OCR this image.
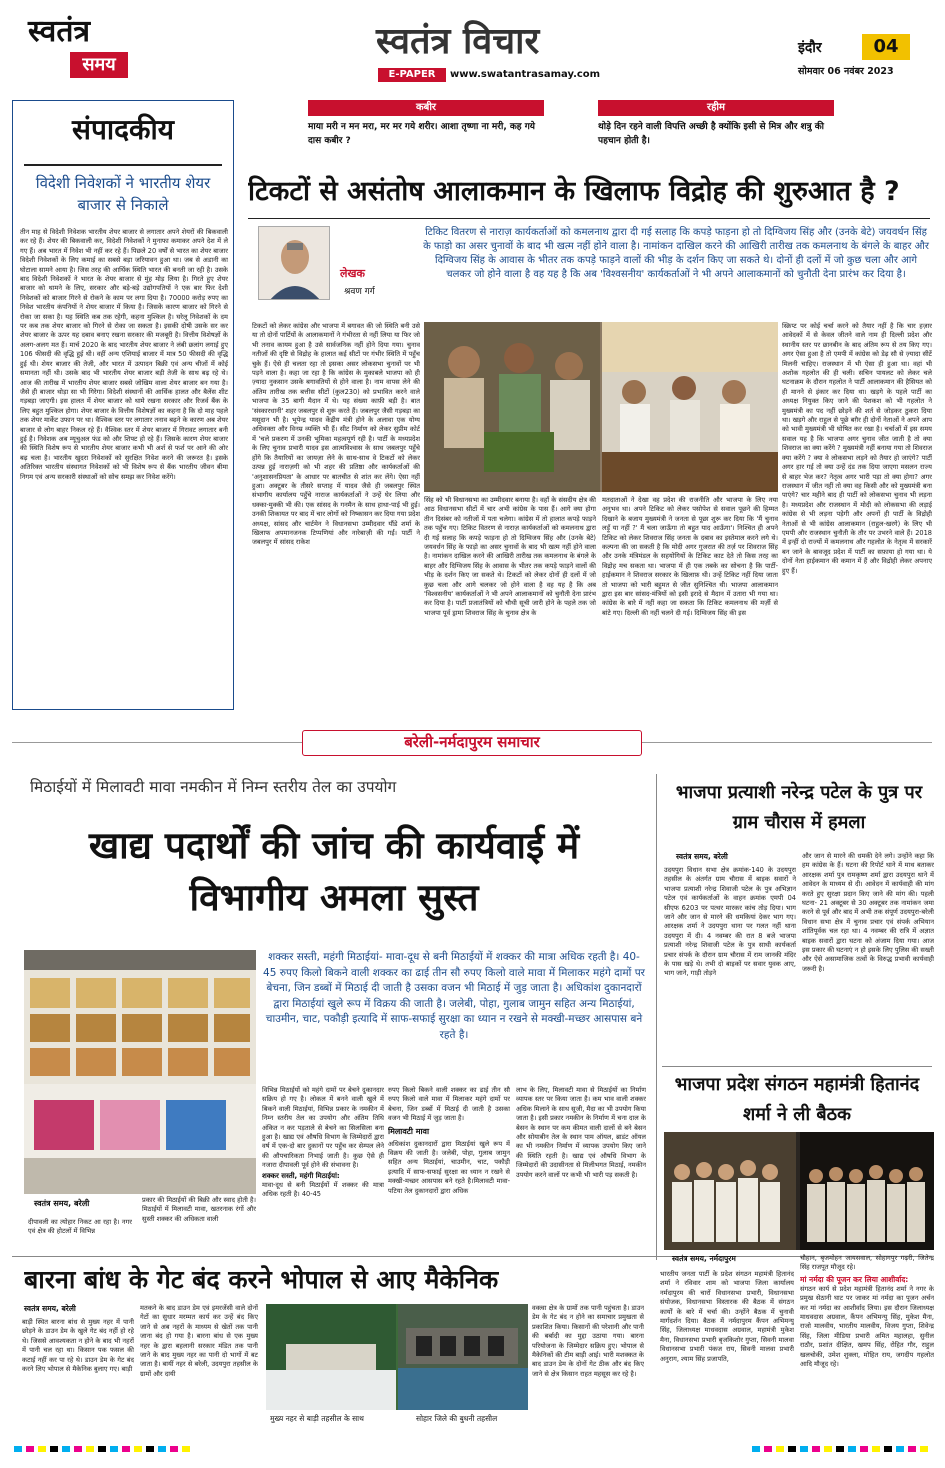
स्वतंत्र
समय
स्वतंत्र विचार
E-PAPER	www.swatantrasamay.com
इंदौर	04
सोमवार 06 नवंबर 2023
कबीर
माया मरी न मन मरा, मर मर गये शरीर। आशा तृष्णा ना मरी, कह गये दास कबीर ?
रहीम
थोड़े दिन रहने वाली विपत्ति अच्छी है क्योंकि इसी से मित्र और शत्रु की पहचान होती है।
संपादकीय
विदेशी निवेशकों ने भारतीय शेयर बाजार से निकाले
तीन माह से विदेशी निवेशक भारतीय शेयर बाजार से लगातार अपने शेयरों की बिकवाली कर रहे हैं। शेयर की बिकवाली कर, विदेशी निवेशकों ने मुनाफा कमाकर अपने देश में ले गए हैं। अब भारत में निवेश भी नहीं कर रहे हैं। पिछले 20 वर्षों से भारत का शेयर बाजार विदेशी निवेशकों के लिए कमाई का सबसे बड़ा जरियावन हुआ था। जब से अडानी का घोटाला सामने आया है। जिस तरह की आर्थिक स्थिति भारत की बनती जा रही है। उसके बाद विदेशी निवेशकों ने भारत के शेयर बाजार से मुंह मोड़ लिया है। गिरते हुए शेयर बाजार को थामने के लिए, सरकार और बड़े-बड़े उद्योगपतियों ने एक बार फिर देशी निवेशकों को बाजार गिरने से रोकने के काम पर लगा दिया है। 70000 करोड़ रुपए का निवेश भारतीय कंपनियों ने शेयर बाजार में किया है। जिसके कारण बाजार को गिरने से रोका जा सका है। यह स्थिति कब तक रहेगी, कहना मुश्किल है। घरेलू निवेशकों के दम पर कब तक शेयर बाजार को गिरने से रोका जा सकता है। इसकी दोषी उसके सर कर शेयर बाजार के ऊपर यह दबाव बनाए रखना सरकार की मजबूरी है। वित्तीय विशेषज्ञों के अलग-अलग मत हैं। मार्च 2020 के बाद भारतीय शेयर बाजार ने लंबी छलांग लगाई हुए 106 फीसदी की वृद्धि हुई थी। वहीं अन्य एशियाई बाजार में मात्र 50 फीसदी की वृद्धि हुई थी। शेयर बाजार की तेजी, और भारत में उत्पादन बिक्री एवं अन्य चीजों में कोई समानता नहीं थी। उसके बाद भी भारतीय शेयर बाजार बड़ी तेजी के साथ बढ़ रहे थे। आज की तारीख में भारतीय शेयर बाजार सबसे जोखिम वाला शेयर बाजार बन गया है। जैसे ही बाजार थोड़ा सा भी गिरेगा। विदेशी संस्थानों की आर्थिक हालत और बैलेंस शीट गड़बड़ा जाएगी। इस हालत में शेयर बाजार को थामे रखना सरकार और रिजर्व बैंक के लिए बहुत मुश्किल होगा। शेयर बाजार के वित्तीय विशेषज्ञों का कहना है कि दो माह पहले तक शेयर मार्केट उफान पर था। वैश्विक स्तर पर लगातार तनाव बढ़ने के कारण अब शेयर बाजार से लोग बाहर निकल रहे हैं। वैश्विक स्तर में शेयर बाजार में गिरावट लगातार बनी हुई है। निवेशक अब म्यूचुअल फंड को और शिफ्ट हो रहे हैं। जिसके कारण शेयर बाजार की स्थिति विशेष रूप से भारतीय शेयर बाजार कभी भी अर्श से फर्श पर आने की ओर बढ़ चला है। भारतीय खुदरा निवेशकों को सुरक्षित निवेश करने की जरूरत है। इसके अतिरिक्त भारतीय संस्थागत निवेशकों को भी विशेष रूप से बैंक भारतीय जीवन बीमा निगम एवं अन्य सरकारी संस्थाओं को सोच समझ कर निवेश करेंगे।
टिकटों से असंतोष आलाकमान के खिलाफ विद्रोह की शुरुआत है ?
लेखक
श्रवण गर्ग
टिकिट वितरण से नाराज़ कार्यकर्ताओं को कमलनाथ द्वारा दी गई सलाह कि कपड़े फाड़ना हो तो दिग्विजय सिंह और (उनके बेटे) जयवर्धन सिंह के फाड़ो का असर चुनावों के बाद भी खत्म नहीं होने वाला है। नामांकन दाखिल करने की आखिरी तारीख तक कमलनाथ के बंगले के बाहर और दिग्विजय सिंह के आवास के भीतर तक कपड़े फाड़ने वालों की भीड़ के दर्शन किए जा सकते थे। दोनों ही दलों में जो कुछ चला और आगे चलकर जो होने वाला है वह यह है कि अब 'विश्वसनीय' कार्यकर्ताओं ने भी अपने आलाकमानों को चुनौती देना प्रारंभ कर दिया है।
टिकटों को लेकर कांग्रेस और भाजपा में बगावत की जो स्थिति बनी उसे या तो दोनों पार्टियों के आलाकमानों ने गंभीरता से नहीं लिया या फिर जो भी तनाव कायम हुआ है उसे सार्वजनिक नहीं होने दिया गया। चुनाव नतीजों की दृष्टि से विद्रोह के हालात कई सीटों पर गंभीर स्थिति में पहुँच चुके हैं। ऐसे ही चलता रहा तो इसका असर लोकसभा चुनावों पर भी पड़ने वाला है। कहा जा रहा है कि कांग्रेस के मुकाबले भाजपा को ही ज़्यादा नुकसान उसके बगावतियों से होने वाला है। नाम वापस लेने की अंतिम तारीख तक बत्तीस सीटों (कुल230) को प्रभावित करने वाले भाजपा के 35 बागी मैदान में थे। यह संख्या काफ़ी बड़ी है। बात 'संस्कारधानी' शहर जबलपुर से शुरू करते हैं। जबलपुर जैसी गड़बड़ा का मसूदान भी है। भूपेन्द्र यादव केंद्रीय मंत्री होने के अलावा एक योग्य अधिवक्ता और विनम्र व्यक्ति भी हैं। सीट निर्माण को लेकर सुप्रीम कोर्ट में 'चले प्रकरण में उनकी भूमिका महत्वपूर्ण रही है। पार्टी के मध्यप्रदेश के लिए चुनाव प्रभारी यादव इस आत्मविश्वास के साथ जबलपुर पहुँचे होंगे कि तैयारियों का जायज़ा लेने के साथ-साथ वे टिकटों को लेकर उत्पन्न हुई नाराज़गी को भी शहर की प्रतिष्ठा और कार्यकर्ताओं की 'अनुशासनप्रियता' के आधार पर बातचीत से शांत कर लेंगे। ऐसा नहीं हुआ। अक्टूबर के तीसरे सप्ताह में यादव जैसे ही जबलपुर स्थित संभागीय कार्यालय पहुँचे नाराज कार्यकर्ताओं ने उन्हें घेर लिया और धक्का-मुक्की भी की। एक सांसद के गनमैन के साथ हाथा-पाई भी हुई। उनकी शिकायत पर बाद में चार लोगों को निष्कासन कर दिया गया प्रदेश अध्यक्ष, सांसद और चार्टमेन ने विधानसभा उम्मीदवार यौंडे शर्मा के खिलाफ अपमानजनक टिप्पणियां और नारेबाज़ी की गईं। पार्टी ने जबलपुर में सांसद राकेश
सिंह को भी विधानसभा का उम्मीदवार बनाया है। वहाँ के संसदीय क्षेत्र की आठ विधानसभा सीटों में चार अभी कांग्रेस के पास हैं। आगे क्या होगा तीन दिसंबर को नतीजों में पता चलेगा। कांग्रेस में तो हालात कपड़े फाड़ने तक पहुँच गए। टिकिट वितरण से नाराज़ कार्यकर्ताओं को कमलनाथ द्वारा दी गई सलाह कि कपड़े फाड़ना हो तो दिग्विजय सिंह और (उनके बेटे) जयवर्धन सिंह के फाड़ो का असर चुनावों के बाद भी खत्म नहीं होने वाला है। नामांकन दाखिल करने की आखिरी तारीख तक कमलनाथ के बंगले के बाहर और दिग्विजय सिंह के आवास के भीतर तक कपड़े फाड़ने वालों की भीड़ के दर्शन किए जा सकते थे। टिकटों को लेकर दोनों ही दलों में जो कुछ चला और आगे चलकर जो होने वाला है वह यह है कि अब 'विश्वसनीय' कार्यकर्ताओं ने भी अपने आलाकमानों को चुनौती देना प्रारंभ कर दिया है। पार्टी प्रजातंत्रियों को चौथी सूची जारी होने के पहले तक जो भाजपा पूर्व ड्रामा शिवराज सिंह के चुनाव क्षेत्र के
मतदाताओं ने देखा वह प्रदेश की राजनीति और भाजपा के लिए नया अनुभव था। अपने टिकिट को लेकर पसोपेश से सवाल पूछने की हिम्मत दिखाने के बजाय मुख्यमंत्री ने जनता से पूछा शुरू कर दिया कि 'मैं चुनाव लड़ूँ या नहीं ?' मैं चला जाऊँगा तो बहुत याद आऊँगा'। निश्चित ही अपने टिकिट को लेकर शिवराज सिंह जनता के दबाव का इस्तेमाल करने लगे थे। कल्पना की जा सकती है कि मोदी अगर गुजरात की तर्ज़ पर शिवराज सिंह और उनके मंत्रिमंडल के सहयोगियों के टिकिट काट देते तो किस तरह का विद्रोह मच सकता था। भाजपा में ही एक तबके का सोचना है कि पार्टी-हाईकमान ने शिवराज सरकार के खिलाफ़ थी। उन्हें टिकिट नहीं दिया जाता तो भाजपा को भारी बहुमत से जीत सुनिश्चित थी। भाजपा आलाकमान द्वारा इस बार सांसद-मंत्रियों को इसी इरादे से मैदान में उतारा भी गया था। कांग्रेस के बारे में नहीं कहा जा सकता कि टिकिट कमलनाथ की मर्ज़ी से बांटे गए। दिल्ली की नहीं चलने दी गई। दिग्विजय सिंह की इस
स्क्रिप्ट पर कोई चर्चा करने को तैयार नहीं है कि चार हज़ार आवेदकों में से केवल जीतने वाले नाम ही दिल्ली प्रदेश और स्थानीय स्तर पर छानबीन के बाद अंतिम रूप से तय किए गए। अगर ऐसा हुआ है तो एमपी में कांग्रेस को डेढ़ सौ से ज़्यादा सीटें मिलनी चाहिए। राजस्थान में भी ऐसा ही हुआ था। वहां भी अशोक गहलोत की ही चली। सचिन पायलट को लेकर चले घटनाक्रम के दौरान गहलोत ने पार्टी आलाकमान की हैसियत को ही मानने से इंकार कर दिया था। खड़गे के पहले पार्टी का अध्यक्ष नियुक्त किए जाने की पेशकश को भी गहलोत ने मुख्यमंत्री का पद नहीं छोड़ने की शर्त से जोड़कर ठुकरा दिया था। खड़गे और राहुल से पूछे बग़ैर ही दोनों नेताओं ने अपने आप को भावी मुख्यमंत्री भी घोषित कर रखा है। चर्चाओं में इस समय सवाल यह है कि भाजपा अगर चुनाव जीत जाती है तो क्या शिवराज का क्या करेंगे ? मुख्यमंत्री नहीं बनाया गया तो शिवराज क्या करेंगे ? क्या वे लोकसभा लड़ने को तैयार हो जाएंगे? पार्टी अगर हार गई तो क्या उन्हें दंड तक दिया जाएगा मसलन राज्य से बाहर भेज कर? नेतृत्व अगर भारी पड़ा तो क्या होगा? अगर राजस्थान में जीत नहीं तो क्या वह किसी और को मुख्यमंत्री बना पाएंगे? चार महीने बाद ही पार्टी को लोकसभा चुनाव भी लड़ना है। मध्यप्रदेश और राजस्थान में मोदी को लोकसभा की लड़ाई कांग्रेस से भी लड़ना पड़ेगी और अपनों ही पार्टी के विद्रोही नेताओं से भी कांग्रेस आलाकमान (राहुल-खरगे) के लिए भी एमपी और राजस्थान चुनौती के तौर पर उभरने वाले हैं। 2018 में इन्हीं दो राज्यों में कमलनाथ और गहलोत के नेतृत्व में सरकारें बन जाने के बावजूद प्रदेश में पार्टी का सफ़ाया हो गया था। ये दोनों नेता हाईकमान की कमान में हैं और विद्रोही लेकर अपनाए हुए हैं।
बरेली-नर्मदापुरम समाचार
मिठाईयों में मिलावटी मावा नमकीन में निम्न स्तरीय तेल का उपयोग
खाद्य पदार्थों की जांच की कार्यवाई में विभागीय अमला सुस्त
स्वतंत्र समय, बरेली
दीपावली का त्योहार निकट आ रहा है। नगर एवं क्षेत्र की होटलों में विभिन्न
प्रकार की मिठाईयों की बिक्री और स्वाद होती है। मिठाईयों में मिलावटी मावा, खतरनाक रंगों और सुस्ती शक्कर की अधिकता वाली
शक्कर सस्ती, महंगी मिठाईयां- मावा-दूध से बनी मिठाईयों में शक्कर की मात्रा अधिक रहती है। 40-45 रुपए किलो बिकने वाली शक्कर का ढाई तीन सौ रुपए किलो वाले मावा में मिलाकर महंगे दामों पर बेचना, जिन डब्बों में मिठाई दी जाती है उसका वजन भी मिठाई में जुड़ जाता है। अधिकांश दुकानदारों द्वारा मिठाईयां खुले रूप में विक्रय की जाती है। जलेबी, पोहा, गुलाब जामुन सहित अन्य मिठाईयां, चाउमीन, चाट, पकौड़ी इत्यादि में साफ-सफाई सुरक्षा का ध्यान न रखने से मक्खी-मच्छर आसपास बने रहते है।
विभिन्न मिठाईयों को महंगे दामों पर बेचने दुकानदार सक्रिय हो गए है। लोकल में बनने वाली खुले में बिकने वाली मिठाईयां, विभिन्न प्रकार के नमकीन में निम्न स्तरीय तेल का उपयोग और अंतिम तिथि अंकित न कर पड़ताले से बेचने का सिलसिला बना हुआ है। खाद्य एवं औषधि विभाग के जिम्मेदारों द्वारा वर्ष में एक-दो बार दुकानों पर पहुँच कर सेम्पल लेने की औपचारिकता निभाई जाती है। कुछ ऐसे ही नजारा दीपावली पूर्व होने की संभावना है।
शक्कर सस्ती, महंगी मिठाईयां:
मावा-दूध से बनी मिठाईयों में शक्कर की मात्रा अधिक रहती है। 40-45
रुपए किलो बिकने वाली शक्कर का ढाई तीन सौ रुपए किलो वाले मावा में मिलाकर महंगे दामों पर बेचना, जिन डब्बों में मिठाई दी जाती है उसका वजन भी मिठाई में जुड़ जाता है।
मिलावटी मावा
अधिकांश दुकानदारों द्वारा मिठाईयां खुले रूप में विक्रय की जाती है। जलेबी, पोहा, गुलाब जामुन सहित अन्य मिठाईयां, चाउमीन, चाट, पकौड़ी इत्यादि में साफ-सफाई सुरक्षा का ध्यान न रखने से मक्खी-मच्छर आसपास बने रहते है।मिलावटी मावा-पटिया तेल दुकानदारों द्वारा अधिक
लाभ के लिए, मिलावटी मावा से मिठाईयों का निर्माण व्यापक स्तर पर किया जाता है। कम भाव वाली शक्कर अधिक मिलाने के साथ सूजी, मैदा का भी उपयोग किया जाता है। इसी प्रकार नमकीन के निर्माण में चना दाल के बेसन के स्थान पर कम कीमत वाली दालों से बने बेसन और सोयाबीन तेल के स्थान पाम ऑयल, ब्राडंट ऑयल का भी नमकीन निर्माण में व्यापक उपयोग किए जाने की स्थिति रहती है। खाद्य एवं औषधि विभाग के जिम्मेदारों की उदासीनता से मिलीभगत मिठाई, नमकीन उपयोग करने वालों पर कभी भी भारी पड़ सकती है।
भाजपा प्रत्याशी नरेन्द्र पटेल के पुत्र पर ग्राम चौरास में हमला
स्वतंत्र समय, बरेली
उदयपुरा विधान सभा क्षेत्र क्रमांक-140 के उदयपुरा तहसील के अंतर्गत ग्राम चौरास में बाइक सवारों ने भाजपा प्रत्याशी नरेन्द्र शिवाजी पटेल के पुत्र अभिज्ञान पटेल एवं कार्यकर्ताओं के वाहन क्रमांक एमपी 04 सीएफ 6203 पर पत्थर मारकर कांच तोड़ दिया। भाग जाने और जान से मारने की धमकियां देकर भाग गए। आरक्षक शर्मा ने उदयपुरा थाना पर गलत नहीं थाना उदयपुरा में दी। 4 नवम्बर की रात 8 बजे भाजपा प्रत्याशी नरेन्द्र शिवाजी पटेल के पुत्र साथी कार्यकर्ता प्रचार संपर्क के दौरान ग्राम चौरास में राम जानकी मंदिर के पास खड़े थे। तभी दो बाइकों पर सवार युवक आए, भाग जाने, गाड़ी तोड़ने
और जान से मारने की धमकी देने लगे। उन्होंने कहा कि हम कांग्रेस के हैं। घटना की रिपोर्ट थाने में माथ बताकर आरक्षक शर्मा पुत्र रामकृष्ण शर्मा द्वारा उदयपुरा थाने में आवेदन के माध्यम से दी। आवेदन में कार्यवाही की मांग करते हुए सुरक्षा प्रदान किए जाने की मांग की। पहली घटना- 21 अक्टूबर से 30 अक्टूबर तक नामांकन जमा करने से पूर्व और बाद में अभी तक संपूर्ण उदयपुरा-बरेली विधान सभा क्षेत्र में चुनाव प्रचार एवं संपर्क अभियान शांतिपूर्वक चल रहा था। 4 नवम्बर की रात्रि में अज्ञात बाइक सवारों द्वारा घटना को अंजाम दिया गया। आज इस प्रकार की घटनाएं न हो इसके लिए पुलिस की सख्ती और ऐसे असामाजिक तत्वों के विरुद्ध प्रभावी कार्यवाही जरूरी है।
भाजपा प्रदेश संगठन महामंत्री हितानंद शर्मा ने ली बैठक
बारना बांध के गेट बंद करने भोपाल से आए मैकेनिक
स्वतंत्र समय, बरेली
बाड़ी स्थित बारना बांध से मुख्य नहर में पानी छोड़ने के डाउन डेम के खुले गेट बंद नहीं हो रहे थे। जिससे आवश्यकता न होने के बाद भी नहरों में पानी चल रहा था। किसान पक फसल की कटाई नहीं कर पा रहे थे। डाउन डेम के गेट बंद करने लिए भोपाल से मैकेनिक बुलाए गए। बाड़ी
मतकने के बाद डाउन डेम एवं इमरजेंसी वाले दोनों गेटों का सुधार मरम्मत कार्य कर उन्हें बंद किए जाने से अब नहरों के माध्यम से खेतों तक पानी जाना बंद हो गया है। बारना बांध से एक मुख्य नहर के द्वारा बहलानी सरकार मंडित तक पानी जाने के बाद मुख्य नहर का पानी दो भागों में बट जाता है। बायीं नहर से बरेली, उदयपुरा तहसील के ग्रामों और दायी
मुख्य नहर से बाड़ी तहसील के साथ	सोहार जिले की बुधनी तहसील
वक्त्वा क्षेत्र के ग्रामों तक पानी पहुंचता है। डाउन डेम के गेट बंद न होने का समाचार प्रमुखता से प्रकाशित किया। किसानों की परेशानी और पानी की बर्बादी का मुद्दा उठाया गया। बारना परियोजना के जिम्मेदार सक्रिय हुए। भोपाल से मैकेनिकों की टीम बाड़ी आई। भारी मशक्कत के बाद डाउन डेम के दोनों गेट ठीक और बंद किए जाने से क्षेत्र किसान राहत महसूस कर रहे है।
स्वतंत्र समय, नर्मदापुरम
भारतीय जनता पार्टी के प्रदेश संगठन महामंत्री हितानंद शर्मा ने रविवार शाम को भाजपा जिला कार्यालय नर्मदापुरम की चारों विधानसभा प्रभारी, विधानसभा संयोजक, विधानसभा विस्तारक की बैठक में संगठन कार्यों के बारे में चर्चा की। उन्होंने बैठक में चुनावी मार्गदर्शन दिया। बैठक में नर्मदापुरम कैंपन अभिमन्यु सिंह, जिलाध्यक्ष माधवदास अग्रवाल, महामंत्री मुकेश मैना, विधानसभा प्रभारी बृजकिशोर गुप्ता, सिवनी मालवा विधानसभा प्रभारी पंकज राय, सिवनी मालवा प्रभारी अनुराग, श्याम सिंह प्रजापति,
चौहान, बृजमोहन जायसवाल, सोहागपुर गढ़री, जितेन्द्र सिंह राजपूत मौजूद रहे।
मां नर्मदा की पूजन कर लिया आशीर्वाद:
संगठन कार्य से प्रदेश महामंत्री हितानंद शर्मा ने नगर के प्रमुख सेठानी घाट पर जाकर मां नर्मदा का पूजन अर्चन कर मां नर्मदा का आशीर्वाद लिया। इस दौरान जिलाध्यक्ष माधवदास अग्रवाल, कैंपन अभिमन्यु सिंह, मुकेश मैना, राजो मालवीय, भारतीय मालवीय, विजय गुप्ता, शिवेन्द्र सिंह, जिला मीडिया प्रभारी अमित महालहा, सुनील राठौर, प्रशांत दीक्षित, खमप सिंह, रोहित गौर, राहुल खलचोकी, उमेश शुक्ला, मोहित राय, जगदीप गहलोत आदि मौजूद रहे।
